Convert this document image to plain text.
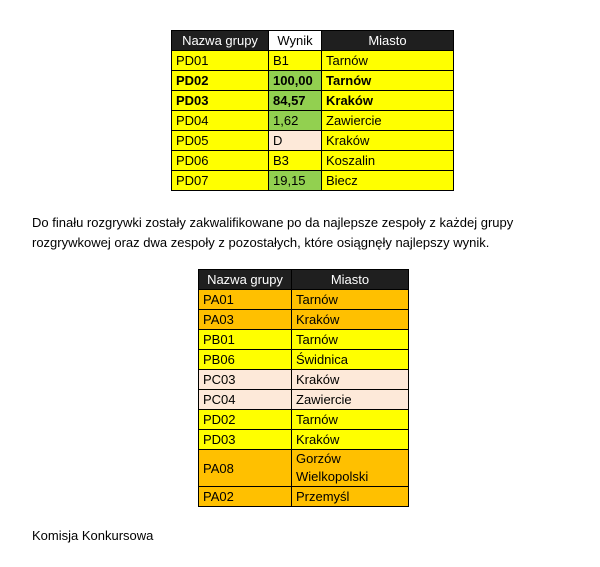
Nazwa grupy	Wynik	Miasto
PD01	B1	Tarnów
PD02	100,00	Tarnów
PD03	84,57	Kraków
PD04	1,62	Zawiercie
PD05	D	Kraków
PD06	B3	Koszalin
PD07	19,15	Biecz
Do finału rozgrywki zostały zakwalifikowane po da najlepsze zespoły z każdej grupy rozgrywkowej oraz dwa zespoły z pozostałych, które osiągnęły najlepszy wynik.
Nazwa grupy	Miasto
PA01	Tarnów
PA03	Kraków
PB01	Tarnów
PB06	Świdnica
PC03	Kraków
PC04	Zawiercie
PD02	Tarnów
PD03	Kraków
PA08	Gorzów Wielkopolski
PA02	Przemyśl
Komisja Konkursowa
